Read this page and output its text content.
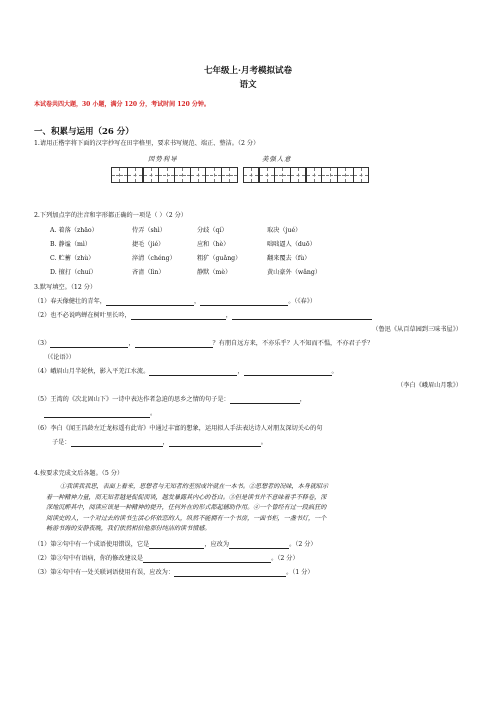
七年级上·月考模拟试卷
语文
本试卷共四大题，30 小题，满分 120 分，考试时间 120 分钟。
一、积累与运用（26 分）
1.请用正楷字将下面的汉字抄写在田字格里，要求书写规范、端正、整洁。（2 分）
因势利导	美强人意
2.下列加点字的注音和字形都正确的一项是（ ）（2 分）
A. 着落（zhāo）	侍弄（shì）	分歧（qí）	取决（jué）
B. 静谧（mì）	捷毛（jié）	应和（hè）	咄咄逼人（duō）
C. 贮蓄（zhù）	淬清（chéng）	粗犷（guǎng）	翻来覆去（fù）
D. 擅打（chuí）	吝啬（lìn）	静默（mè）	黄山豪外（wǎng）
3.默写填空。（12 分）
（1）春天像健壮的青年，	，	。（《春》）
（2）也不必说鸣蝉在树叶里长吟，	，
（鲁迅《从百草园到三味书屋》）
（3）	，	？有朋自远方来，不亦乐乎？人不知而不愠，不亦君子乎？
（《论语》）
（4）峨眉山月半轮秋，影入平羌江水流。	，	。
（李白《峨眉山月歌》）
（5）王湾的《次北固山下》一诗中表达作者急迫的思乡之情的句子是：	，
。
（6）李白《闻王昌龄左迁龙标遥有此寄》中通过丰富的想象，运用拟人手法表达诗人对朋友深切关心的句
子是：	，	。
4.按要求完成文后各题。（5 分）
①我读我我思，表面上看来，思想者与无知者的差别或许就在一本书。②思想者的况味，本身就昭示
着一种精神力量，而无知者越是促促而谈，越发暴露其内心的苍白。③但是读书并不意味着手不释卷，深
深地沉醉其中，阅读应该是一种精神的提升，任何外在的形式都起辅助作用。④一个曾经有过一段疯狂的
阅读史的人，一个对过去的读书生活心怀依恋的人，纵然不能拥有一个书房，一面书柜，一盏书灯，一个
畅游书海的安静夜晚，我们依然相信他那份纯洁的读书情感。
（1）第②句中有一个成语使用错误，它是	，应改为	。（2 分）
（2）第③句中有语病，你的修改建议是	。（2 分）
（3）第④句中有一处关联词语使用有误，应改为：	。（1 分）
